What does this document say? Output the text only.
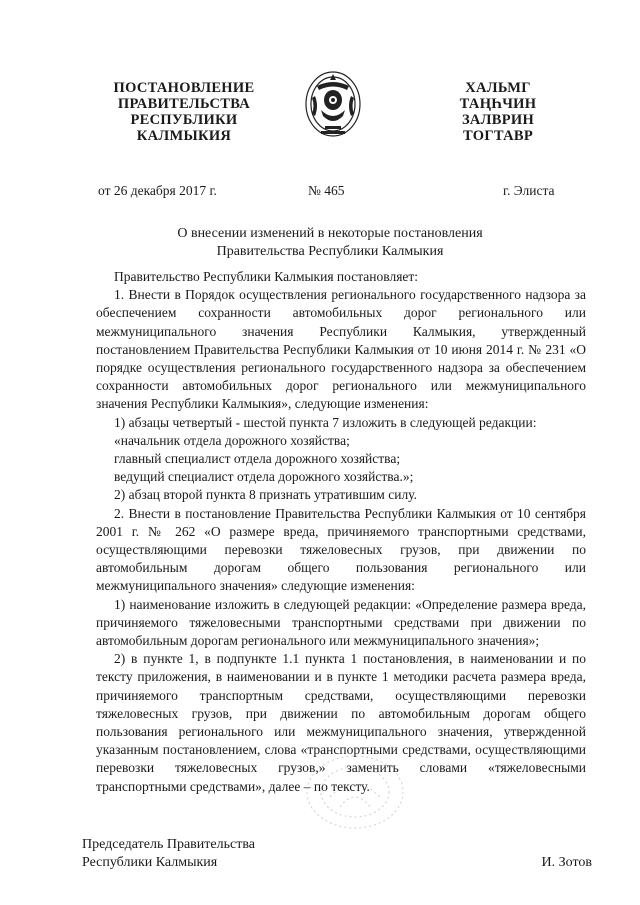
ПОСТАНОВЛЕНИЕ
ПРАВИТЕЛЬСТВА
РЕСПУБЛИКИ
КАЛМЫКИЯ
ХАЛЬМГ
ТАҢҺЧИН
ЗАЛВРИН
ТОГТАВР
от 26 декабря 2017 г.	№ 465	г. Элиста
О внесении изменений в некоторые постановления
Правительства Республики Калмыкия

Правительство Республики Калмыкия постановляет:

1. Внести в Порядок осуществления регионального государственного надзора за обеспечением сохранности автомобильных дорог регионального или межмуниципального значения Республики Калмыкия, утвержденный постановлением Правительства Республики Калмыкия от 10 июня 2014 г. № 231 «О порядке осуществления регионального государственного надзора за обеспечением сохранности автомобильных дорог регионального или межмуниципального значения Республики Калмыкия», следующие изменения:

1) абзацы четвертый - шестой пункта 7 изложить в следующей редакции:

«начальник отдела дорожного хозяйства;

главный специалист отдела дорожного хозяйства;

ведущий специалист отдела дорожного хозяйства.»;

2) абзац второй пункта 8 признать утратившим силу.

2. Внести в постановление Правительства Республики Калмыкия от 10 сентября 2001 г. № 262 «О размере вреда, причиняемого транспортными средствами, осуществляющими перевозки тяжеловесных грузов, при движении по автомобильным дорогам общего пользования регионального или межмуниципального значения» следующие изменения:

1) наименование изложить в следующей редакции: «Определение размера вреда, причиняемого тяжеловесными транспортными средствами при движении по автомобильным дорогам регионального или межмуниципального значения»;

2) в пункте 1, в подпункте 1.1 пункта 1 постановления, в наименовании и по тексту приложения, в наименовании и в пункте 1 методики расчета размера вреда, причиняемого транспортным средствами, осуществляющими перевозки тяжеловесных грузов, при движении по автомобильным дорогам общего пользования регионального или межмуниципального значения, утвержденной указанным постановлением, слова «транспортными средствами, осуществляющими перевозки тяжеловесных грузов,» заменить словами «тяжеловесными транспортными средствами», далее – по тексту.

Председатель Правительства
Республики Калмыкия	И. Зотов
